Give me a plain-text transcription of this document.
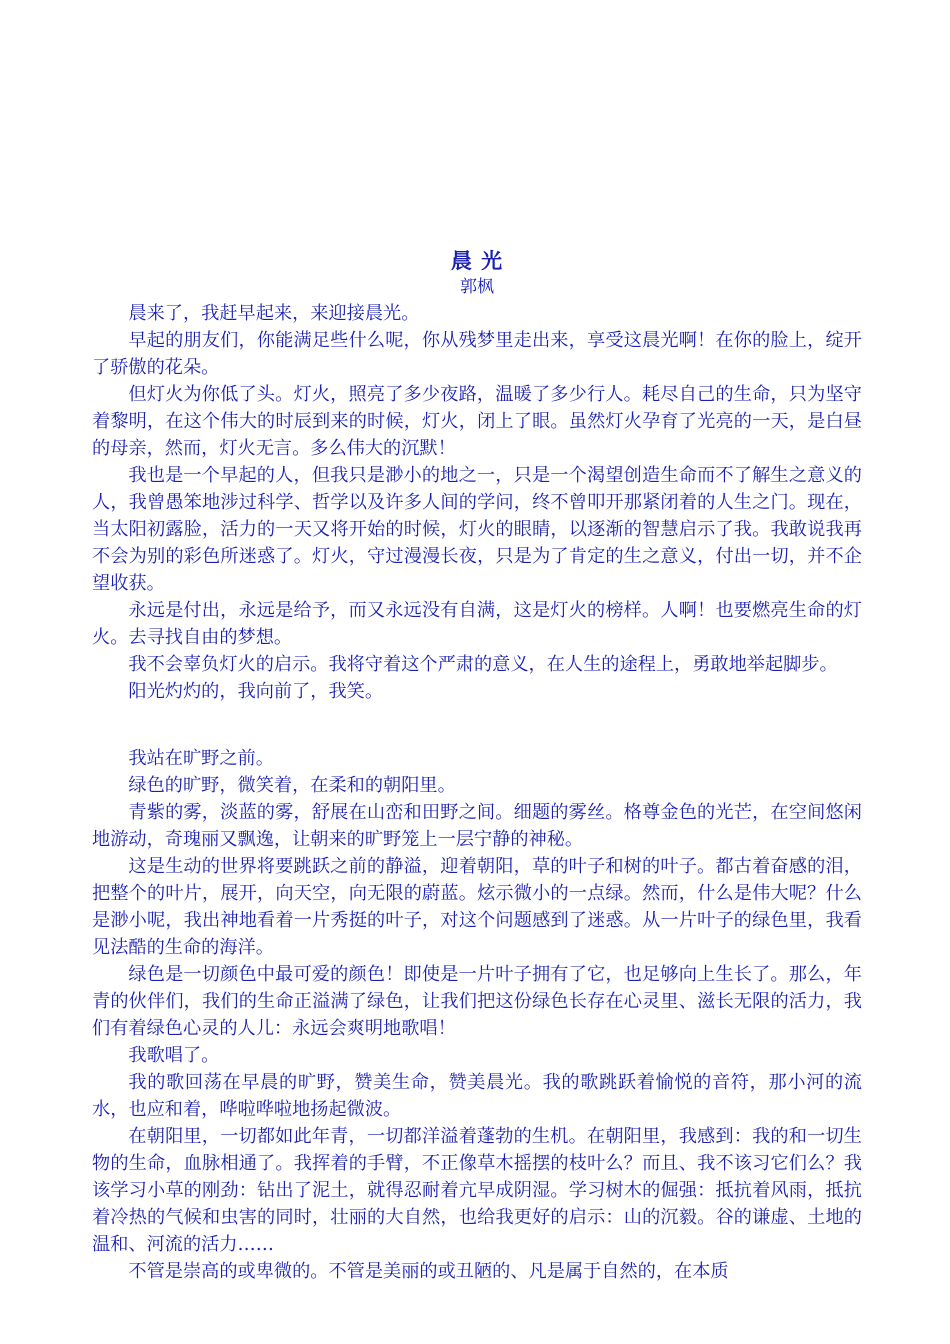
晨 光
郭枫

晨来了，我赶早起来，来迎接晨光。

早起的朋友们，你能满足些什么呢，你从残梦里走出来，享受这晨光啊！在你的脸上，绽开了骄傲的花朵。

但灯火为你低了头。灯火，照亮了多少夜路，温暖了多少行人。耗尽自己的生命，只为坚守着黎明，在这个伟大的时辰到来的时候，灯火，闭上了眼。虽然灯火孕育了光亮的一天，是白昼的母亲，然而，灯火无言。多么伟大的沉默！

我也是一个早起的人，但我只是渺小的地之一，只是一个渴望创造生命而不了解生之意义的人，我曾愚笨地涉过科学、哲学以及许多人间的学问，终不曾叩开那紧闭着的人生之门。现在，当太阳初露脸，活力的一天又将开始的时候，灯火的眼睛，以逐渐的智慧启示了我。我敢说我再不会为别的彩色所迷惑了。灯火，守过漫漫长夜，只是为了肯定的生之意义，付出一切，并不企望收获。

永远是付出，永远是给予，而又永远没有自满，这是灯火的榜样。人啊！也要燃亮生命的灯火。去寻找自由的梦想。

我不会辜负灯火的启示。我将守着这个严肃的意义，在人生的途程上，勇敢地举起脚步。

阳光灼灼的，我向前了，我笑。

我站在旷野之前。

绿色的旷野，微笑着，在柔和的朝阳里。

青紫的雾，淡蓝的雾，舒展在山峦和田野之间。细题的雾丝。格尊金色的光芒，在空间悠闲地游动，奇瑰丽又飘逸，让朝来的旷野笼上一层宁静的神秘。

这是生动的世界将要跳跃之前的静溢，迎着朝阳，草的叶子和树的叶子。都古着奋感的泪，把整个的叶片，展开，向天空，向无限的蔚蓝。炫示微小的一点绿。然而，什么是伟大呢？什么是渺小呢，我出神地看着一片秀挺的叶子，对这个问题感到了迷惑。从一片叶子的绿色里，我看见法酷的生命的海洋。

绿色是一切颜色中最可爱的颜色！即使是一片叶子拥有了它，也足够向上生长了。那么，年青的伙伴们，我们的生命正溢满了绿色，让我们把这份绿色长存在心灵里、滋长无限的活力，我们有着绿色心灵的人儿：永远会爽明地歌唱！

我歌唱了。

我的歌回荡在早晨的旷野，赞美生命，赞美晨光。我的歌跳跃着愉悦的音符，那小河的流水，也应和着，哗啦哗啦地扬起微波。

在朝阳里，一切都如此年青，一切都洋溢着蓬勃的生机。在朝阳里，我感到：我的和一切生物的生命，血脉相通了。我挥着的手臂，不正像草木摇摆的枝叶么？而且、我不该习它们么？我该学习小草的刚劲：钻出了泥土，就得忍耐着亢早成阴湿。学习树木的倔强：抵抗着风雨，抵抗着冷热的气候和虫害的同时，壮丽的大自然，也给我更好的启示：山的沉毅。谷的谦虚、土地的温和、河流的活力……

不管是崇高的或卑微的。不管是美丽的或丑陋的、凡是属于自然的，在本质
